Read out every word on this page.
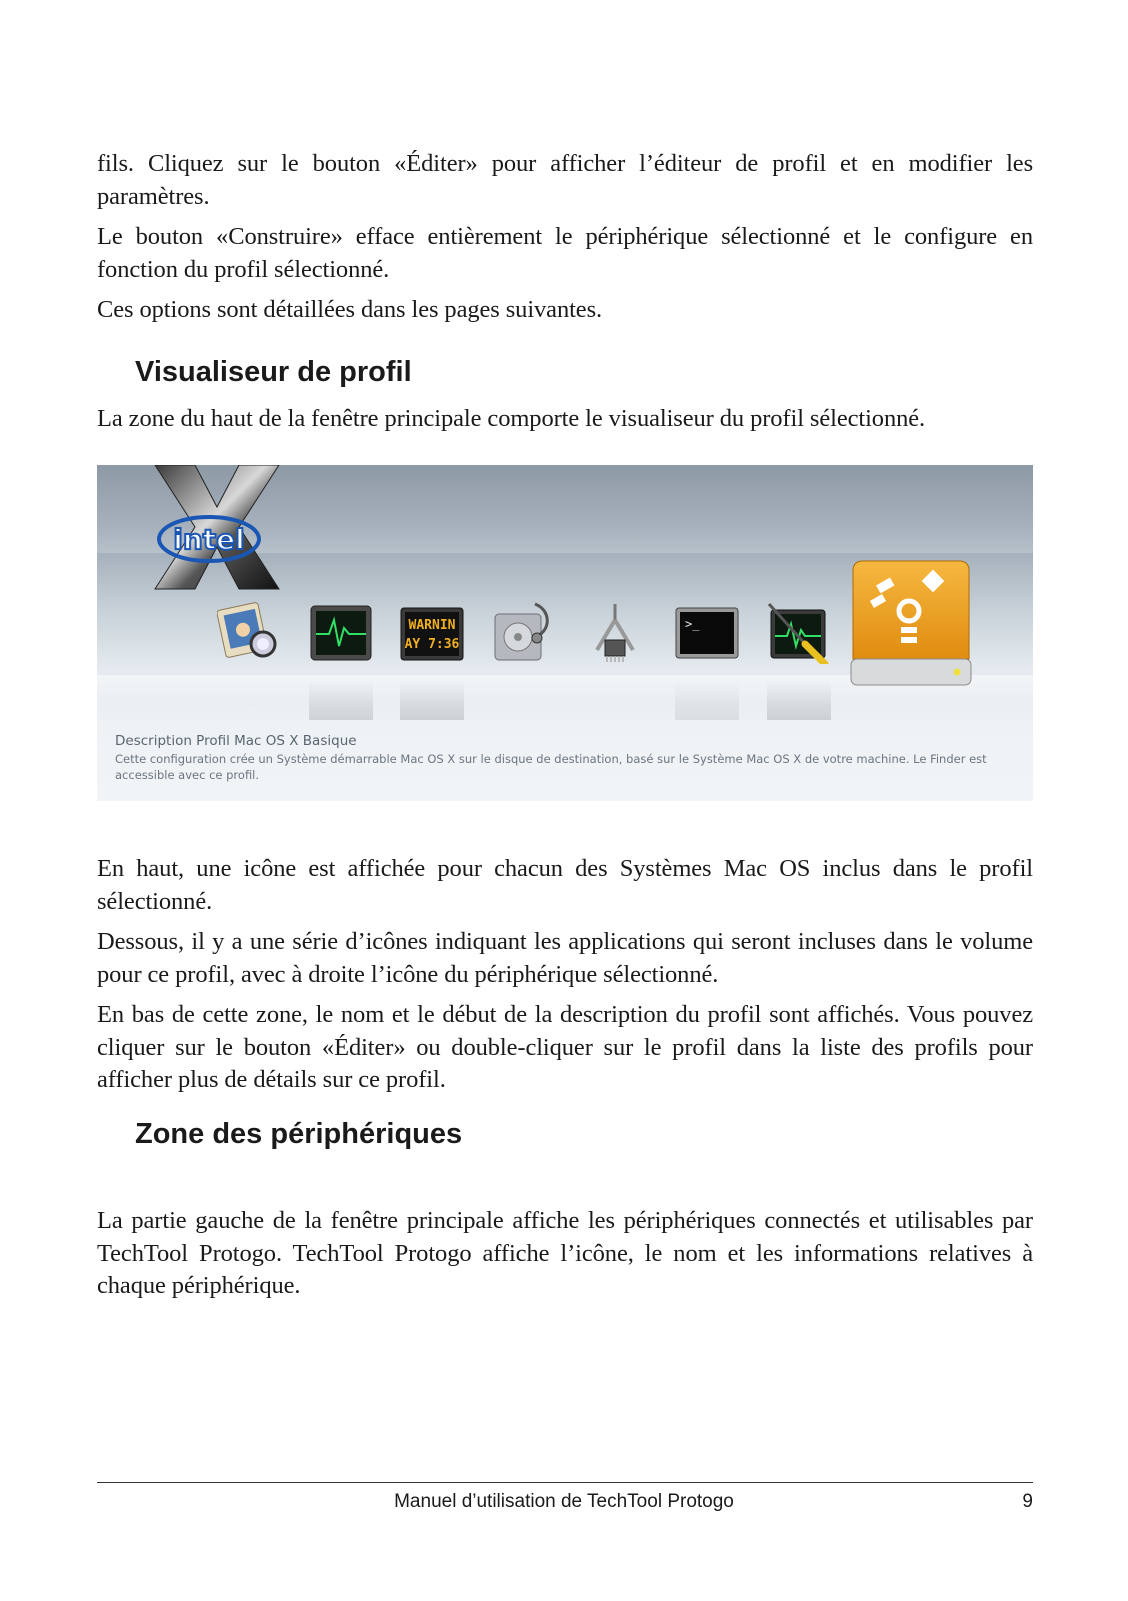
fils. Cliquez sur le bouton «Éditer» pour afficher l’éditeur de profil et en modifier les paramètres.

Le bouton «Construire» efface entièrement le périphérique sélectionné et le configure en fonction du profil sélectionné.

Ces options sont détaillées dans les pages suivantes.

Visualiseur de profil

La zone du haut de la fenêtre principale comporte le visualiseur du profil sélectionné.

intel
WARNIN
AY 7:36
>_
Description Profil Mac OS X Basique
Cette configuration crée un Système démarrable Mac OS X sur le disque de destination, basé sur le Système Mac OS X de votre machine. Le Finder est accessible avec ce profil.

En haut, une icône est affichée pour chacun des Systèmes Mac OS inclus dans le profil sélectionné.

Dessous, il y a une série d’icônes indiquant les applications qui seront incluses dans le volume pour ce profil, avec à droite l’icône du périphérique sélectionné.

En bas de cette zone, le nom et le début de la description du profil sont affichés. Vous pouvez cliquer sur le bouton «Éditer» ou double-cliquer sur le profil dans la liste des profils pour afficher plus de détails sur ce profil.

Zone des périphériques

La partie gauche de la fenêtre principale affiche les périphériques connectés et utilisables par TechTool Protogo. TechTool Protogo affiche l’icône, le nom et les informations relatives à chaque périphérique.

Manuel d’utilisation de TechTool Protogo	9
